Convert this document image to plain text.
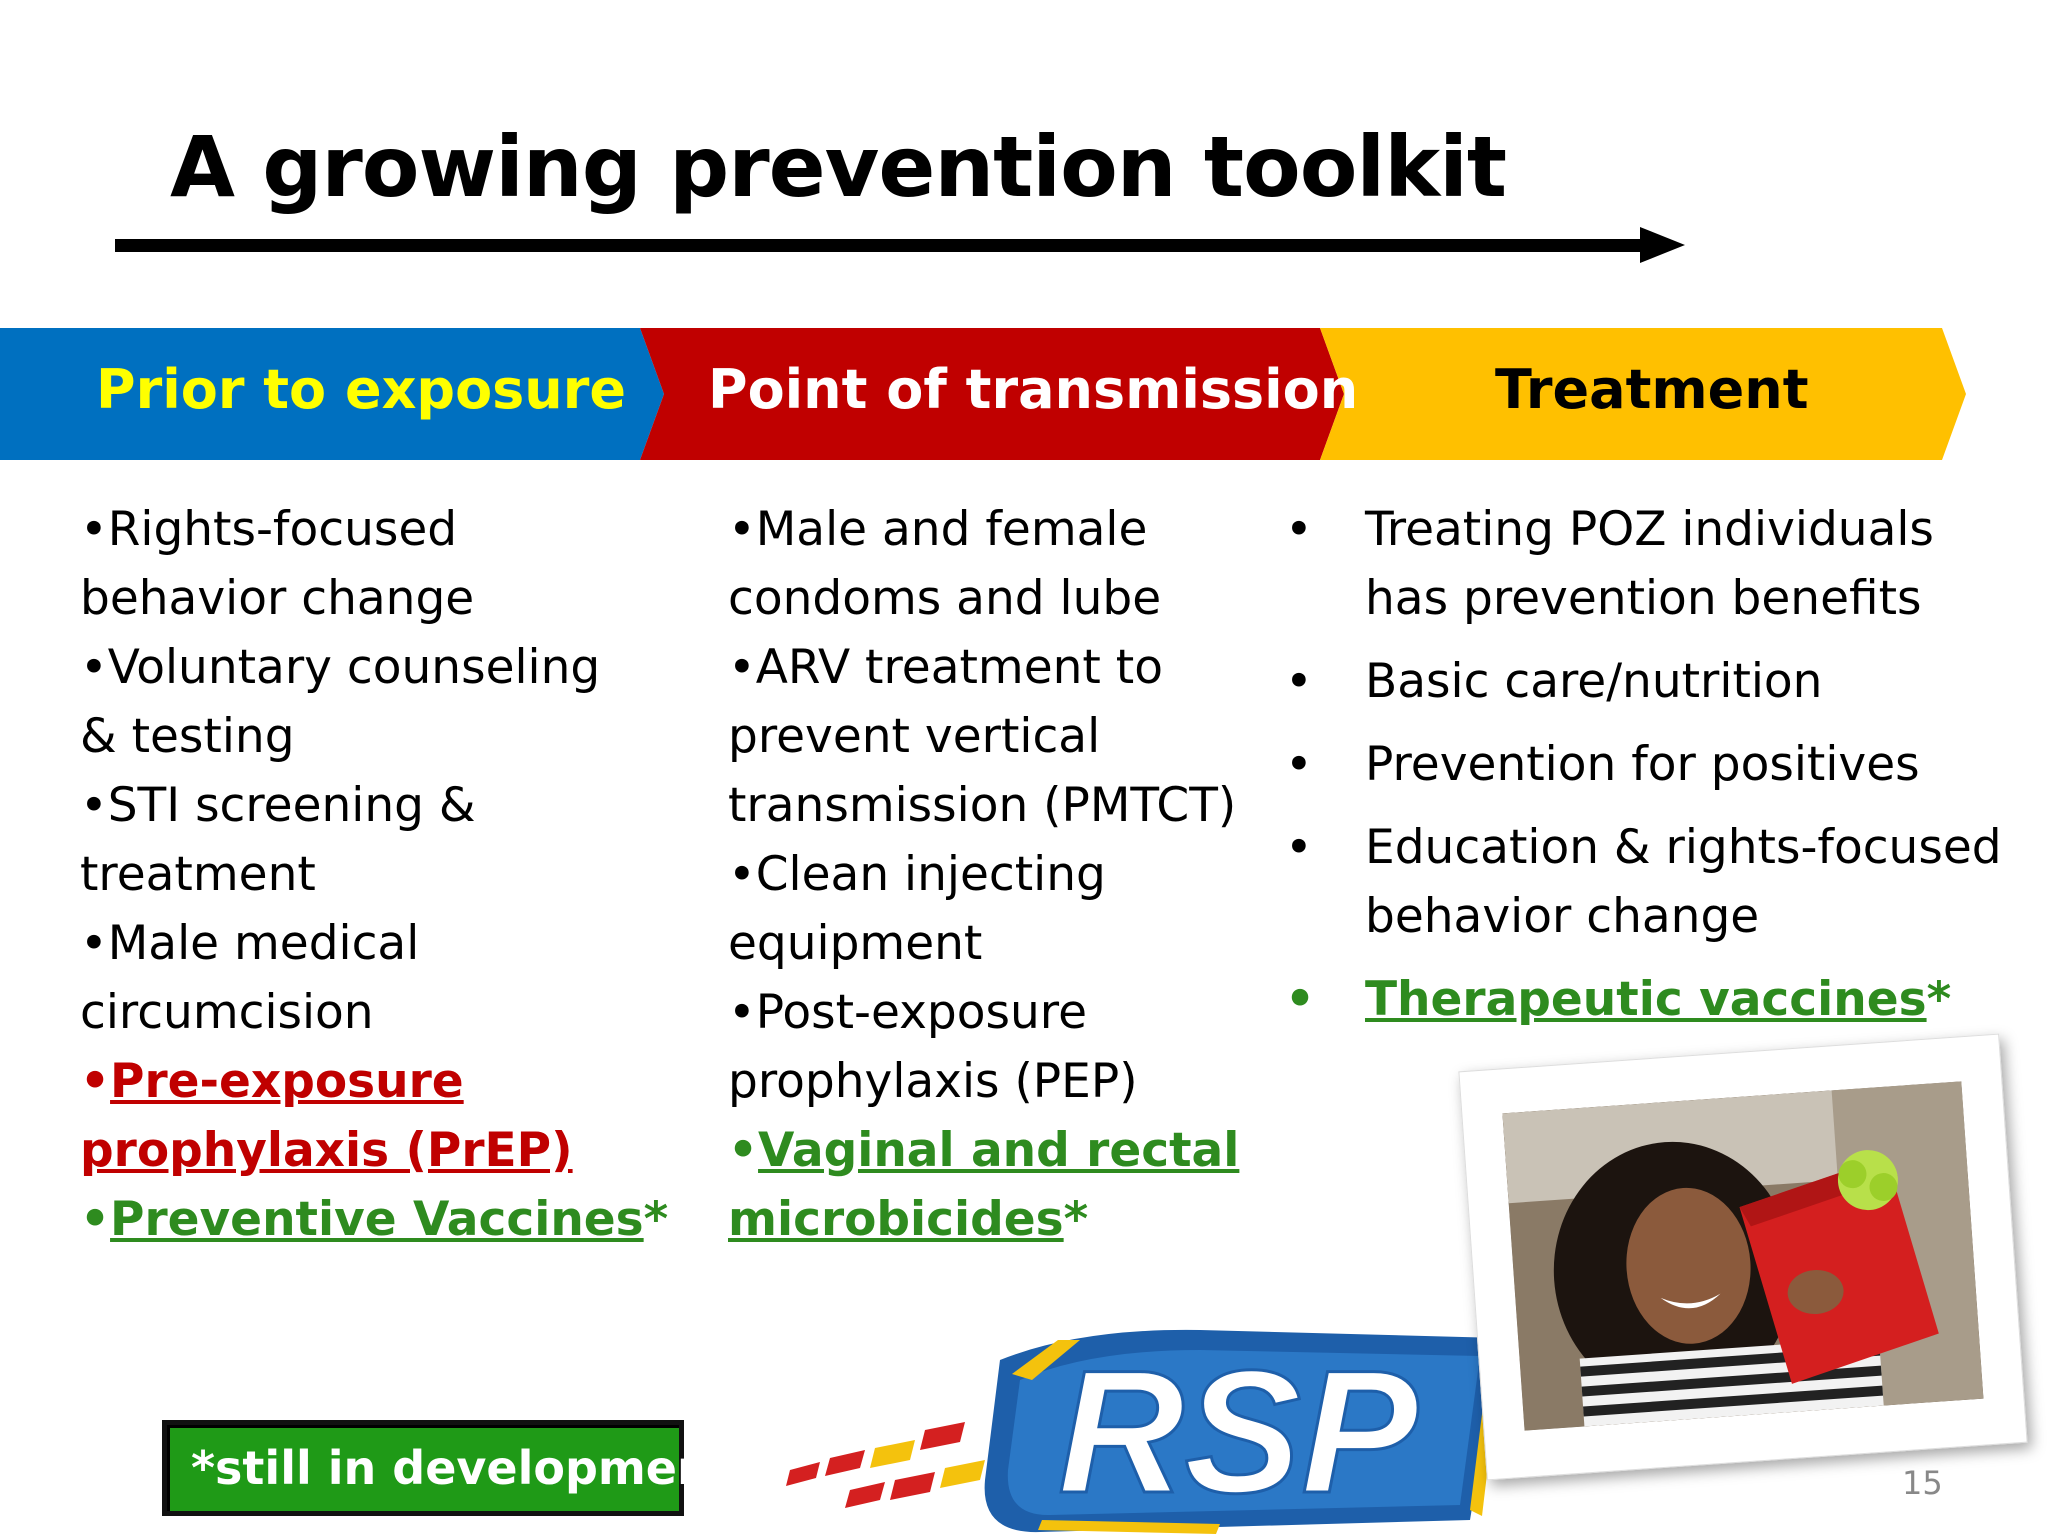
A growing prevention toolkit
Prior to exposure Point of transmission	Treatment
•Rights-focused
behavior change
•Voluntary counseling
& testing
•STI screening &
treatment
•Male medical
circumcision
•Pre-exposure
prophylaxis (PrEP)
•Preventive Vaccines*
•Male and female
condoms and lube
•ARV treatment to
prevent vertical
transmission (PMTCT)
•Clean injecting
equipment
•Post-exposure
prophylaxis (PEP)
•Vaginal and rectal
microbicides*
• Treating POZ individuals
has prevention benefits
• Basic care/nutrition
• Prevention for positives
• Education & rights-focused
behavior change
• Therapeutic vaccines*
*still in development RSP	15
